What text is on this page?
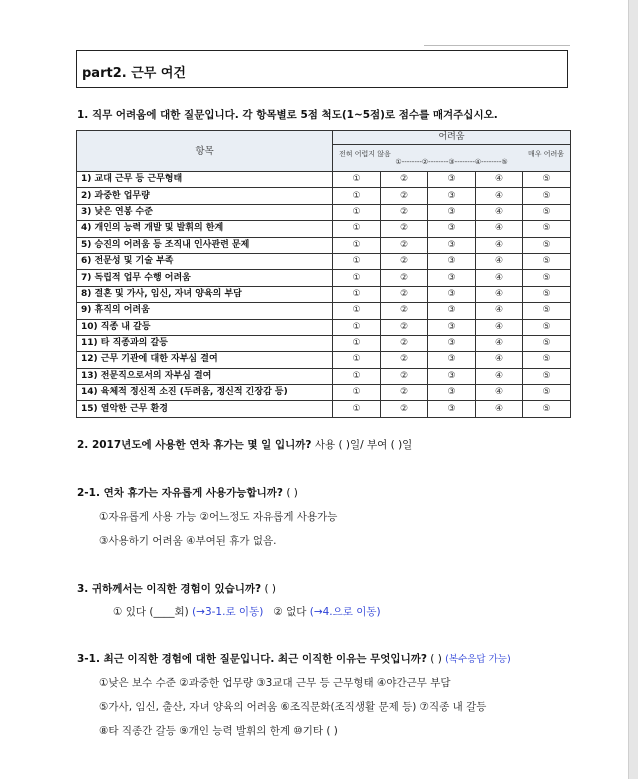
part2. 근무 여건
1. 직무 어려움에 대한 질문입니다. 각 항목별로 5점 척도(1~5점)로 점수를 매겨주십시오.
항목	어려움				

	전혀 어렵지 않음 매우 어려움
①--------②--------③--------④--------⑤				

1) 교대 근무 등 근무형태	①	②	③	④	⑤
2) 과중한 업무량	①	②	③	④	⑤
3) 낮은 연봉 수준	①	②	③	④	⑤
4) 개인의 능력 개발 및 발휘의 한계	①	②	③	④	⑤
5) 승진의 어려움 등 조직내 인사관련 문제	①	②	③	④	⑤
6) 전문성 및 기술 부족	①	②	③	④	⑤
7) 독립적 업무 수행 어려움	①	②	③	④	⑤
8) 결혼 및 가사, 임신, 자녀 양육의 부담	①	②	③	④	⑤
9) 휴직의 어려움	①	②	③	④	⑤
10) 직종 내 갈등	①	②	③	④	⑤
11) 타 직종과의 갈등	①	②	③	④	⑤
12) 근무 기관에 대한 자부심 결여	①	②	③	④	⑤
13) 전문직으로서의 자부심 결여	①	②	③	④	⑤
14) 육체적 정신적 소진 (두려움, 정신적 긴장감 등)	①	②	③	④	⑤
15) 열악한 근무 환경	①	②	③	④	⑤
2. 2017년도에 사용한 연차 휴가는 몇 일 입니까? 사용 ( )일/ 부여 ( )일
2-1. 연차 휴가는 자유롭게 사용가능합니까? ( )
①자유롭게 사용 가능 ②어느정도 자유롭게 사용가능
③사용하기 어려움 ④부여된 휴가 없음.
3. 귀하께서는 이직한 경험이 있습니까? ( )
① 있다 (____회) (→3-1.로 이동) ② 없다 (→4.으로 이동)
3-1. 최근 이직한 경험에 대한 질문입니다. 최근 이직한 이유는 무엇입니까? ( ) (복수응답 가능)
①낮은 보수 수준 ②과중한 업무량 ③3교대 근무 등 근무형태 ④야간근무 부담
⑤가사, 임신, 출산, 자녀 양육의 어려움 ⑥조직문화(조직생활 문제 등) ⑦직종 내 갈등
⑧타 직종간 갈등 ⑨개인 능력 발휘의 한계 ⑩기타 ( )
